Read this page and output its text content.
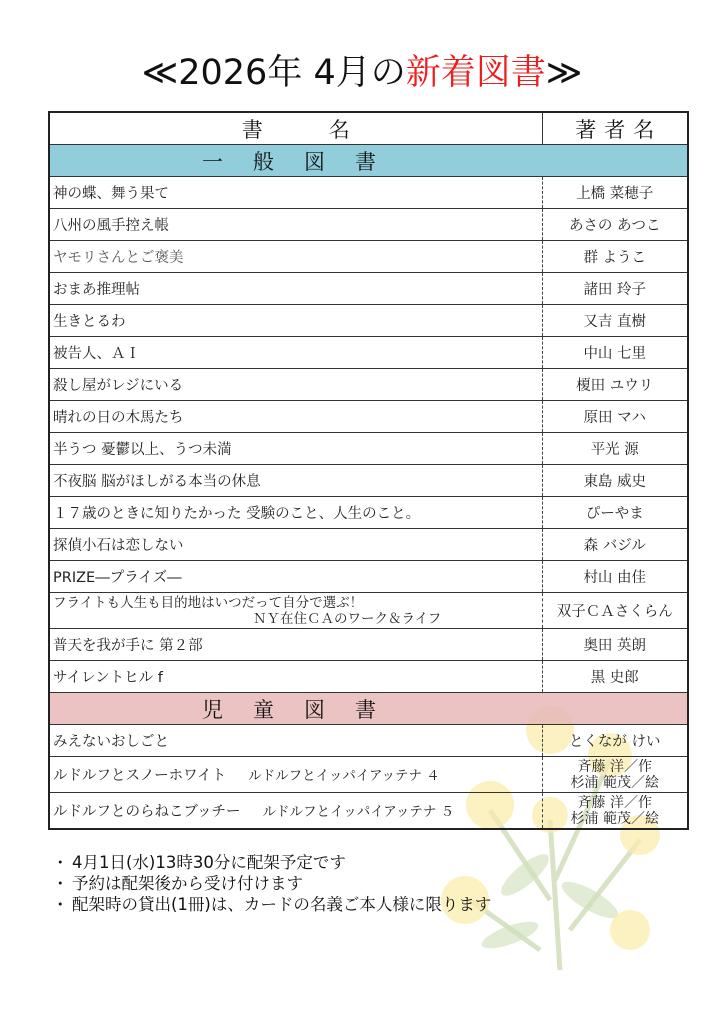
≪2026年 4月の新着図書≫
書名	著者名
一般図書	
神の蝶、舞う果て	上橋 菜穂子
八州の風手控え帳	あさの あつこ
ヤモリさんとご褒美	群 ようこ
おまあ推理帖	諸田 玲子
生きとるわ	又吉 直樹
被告人、ＡＩ	中山 七里
殺し屋がレジにいる	榎田 ユウリ
晴れの日の木馬たち	原田 マハ
半うつ 憂鬱以上、うつ未満	平光 源
不夜脳 脳がほしがる本当の休息	東島 威史
１７歳のときに知りたかった 受験のこと、人生のこと。	ぴーやま
探偵小石は恋しない	森 バジル
PRIZE―プライズ―	村山 由佳

フライトも人生も目的地はいつだって自分で選ぶ！
ＮＹ在住ＣＡのワーク＆ライフ	双子ＣＡさくらん
普天を我が手に 第２部	奥田 英朗
サイレントヒル f	黒 史郎
児童図書	
みえないおしごと	とくなが けい
ルドルフとスノーホワイト ルドルフとイッパイアッテナ ４	斉藤 洋／作
杉浦 範茂／絵

ルドルフとのらねこブッチー ルドルフとイッパイアッテナ ５	斉藤 洋／作
杉浦 範茂／絵
・ 4月1日(水)13時30分に配架予定です
・ 予約は配架後から受け付けます
・ 配架時の貸出(1冊)は、カードの名義ご本人様に限ります
